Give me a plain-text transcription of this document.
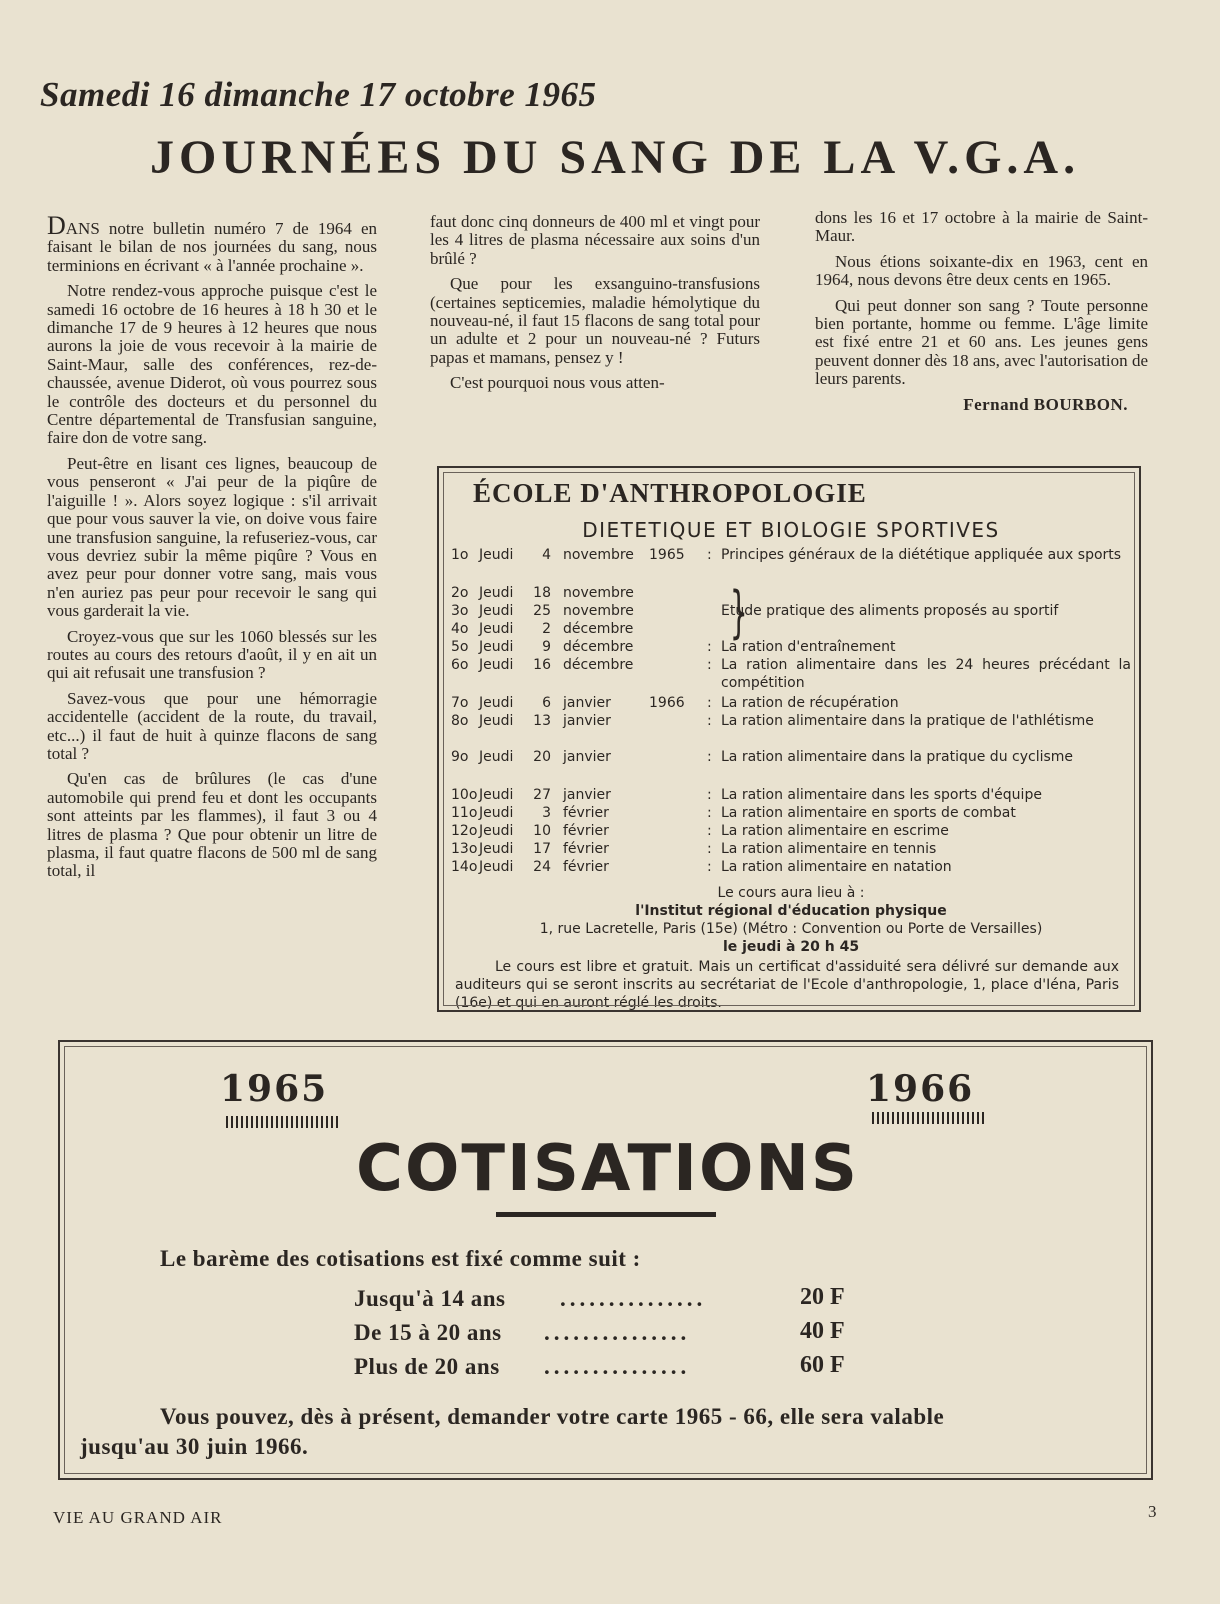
Samedi 16 dimanche 17 octobre 1965
JOURNÉES DU SANG DE LA V.G.A.

DANS notre bulletin numéro 7 de 1964 en faisant le bilan de nos journées du sang, nous terminions en écrivant « à l'année prochaine ».

Notre rendez-vous approche puisque c'est le samedi 16 octobre de 16 heures à 18 h 30 et le dimanche 17 de 9 heures à 12 heures que nous aurons la joie de vous recevoir à la mairie de Saint-Maur, salle des conférences, rez-de-chaussée, avenue Diderot, où vous pourrez sous le contrôle des docteurs et du personnel du Centre départemental de Transfusian sanguine, faire don de votre sang.

Peut-être en lisant ces lignes, beaucoup de vous penseront « J'ai peur de la piqûre de l'aiguille ! ». Alors soyez logique : s'il arrivait que pour vous sauver la vie, on doive vous faire une transfusion sanguine, la refuseriez-vous, car vous devriez subir la même piqûre ? Vous en avez peur pour donner votre sang, mais vous n'en auriez pas peur pour recevoir le sang qui vous garderait la vie.

Croyez-vous que sur les 1060 blessés sur les routes au cours des retours d'août, il y en ait un qui ait refusait une transfusion ?

Savez-vous que pour une hémorragie accidentelle (accident de la route, du travail, etc...) il faut de huit à quinze flacons de sang total ?

Qu'en cas de brûlures (le cas d'une automobile qui prend feu et dont les occupants sont atteints par les flammes), il faut 3 ou 4 litres de plasma ? Que pour obtenir un litre de plasma, il faut quatre flacons de 500 ml de sang total, il

faut donc cinq donneurs de 400 ml et vingt pour les 4 litres de plasma nécessaire aux soins d'un brûlé ?

Que pour les exsanguino-transfusions (certaines septicemies, maladie hémolytique du nouveau-né, il faut 15 flacons de sang total pour un adulte et 2 pour un nouveau-né ? Futurs papas et mamans, pensez y !

C'est pourquoi nous vous atten-

dons les 16 et 17 octobre à la mairie de Saint-Maur.

Nous étions soixante-dix en 1963, cent en 1964, nous devons être deux cents en 1965.

Qui peut donner son sang ? Toute personne bien portante, homme ou femme. L'âge limite est fixé entre 21 et 60 ans. Les jeunes gens peuvent donner dès 18 ans, avec l'autorisation de leurs parents.

Fernand BOURBON.
ÉCOLE D'ANTHROPOLOGIE
DIETETIQUE ET BIOLOGIE SPORTIVES
1o Jeudi	4 novembre 1965 : Principes généraux de la diététique appliquée aux sports
2o Jeudi	18 novembre
3o Jeudi	25 novembre	Etude pratique des aliments proposés au sportif
4o Jeudi	2 décembre
5o Jeudi	9 décembre	: La ration d'entraînement
6o Jeudi	16 décembre	: La ration alimentaire dans les 24 heures précédant la compétition
7o Jeudi	6 janvier	1966 : La ration de récupération
8o Jeudi	13 janvier	: La ration alimentaire dans la pratique de l'athlétisme
9o Jeudi	20 janvier	: La ration alimentaire dans la pratique du cyclisme
10o Jeudi	27 janvier	: La ration alimentaire dans les sports d'équipe
11o Jeudi	3 février	: La ration alimentaire en sports de combat
12o Jeudi	10 février	: La ration alimentaire en escrime
13o Jeudi	17 février	: La ration alimentaire en tennis
14o Jeudi	24 février	: La ration alimentaire en natation
}
Le cours aura lieu à :
l'Institut régional d'éducation physique
1, rue Lacretelle, Paris (15e) (Métro : Convention ou Porte de Versailles)
le jeudi à 20 h 45
Le cours est libre et gratuit. Mais un certificat d'assiduité sera délivré sur demande aux auditeurs qui se seront inscrits au secrétariat de l'Ecole d'anthropologie, 1, place d'Iéna, Paris (16e) et qui en auront réglé les droits.
1965	1966
COTISATIONS
Le barème des cotisations est fixé comme suit :
Jusqu'à 14 ans ...............	20 F
De 15 à 20 ans ...............	40 F
Plus de 20 ans ...............	60 F
Vous pouvez, dès à présent, demander votre carte 1965 - 66, elle sera valable
jusqu'au 30 juin 1966.
VIE AU GRAND AIR	3
